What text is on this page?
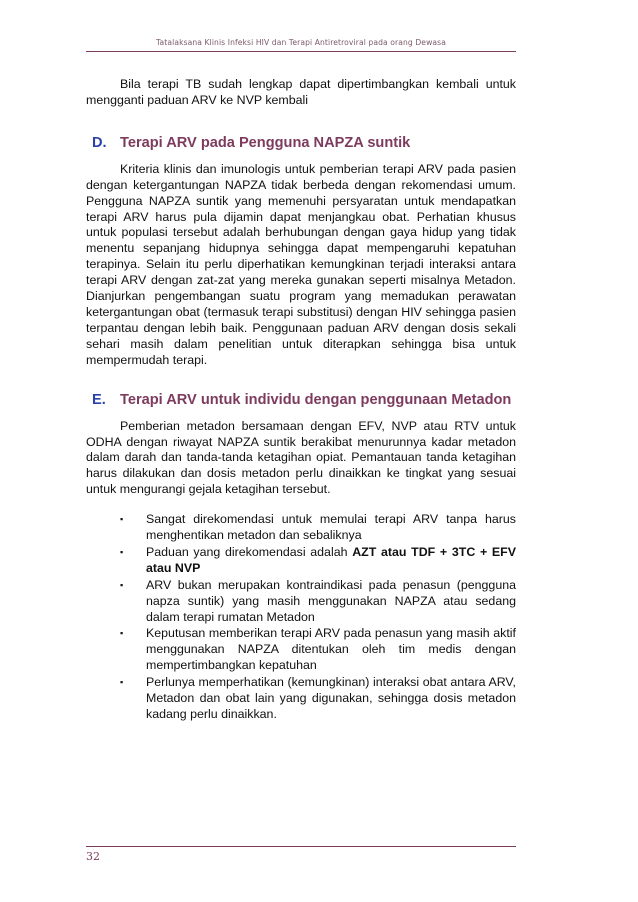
Tatalaksana Klinis Infeksi HIV dan Terapi Antiretroviral pada orang Dewasa

Bila terapi TB sudah lengkap dapat dipertimbangkan kembali untuk mengganti paduan ARV ke NVP kembali

D. Terapi ARV pada Pengguna NAPZA suntik

Kriteria klinis dan imunologis untuk pemberian terapi ARV pada pasien dengan ketergantungan NAPZA tidak berbeda dengan rekomendasi umum. Pengguna NAPZA suntik yang memenuhi persyaratan untuk mendapatkan terapi ARV harus pula dijamin dapat menjangkau obat. Perhatian khusus untuk populasi tersebut adalah berhubungan dengan gaya hidup yang tidak menentu sepanjang hidupnya sehingga dapat mempengaruhi kepatuhan terapinya. Selain itu perlu diperhatikan kemungkinan terjadi interaksi antara terapi ARV dengan zat-zat yang mereka gunakan seperti misalnya Metadon. Dianjurkan pengembangan suatu program yang memadukan perawatan ketergantungan obat (termasuk terapi substitusi) dengan HIV sehingga pasien terpantau dengan lebih baik. Penggunaan paduan ARV dengan dosis sekali sehari masih dalam penelitian untuk diterapkan sehingga bisa untuk mempermudah terapi.

E. Terapi ARV untuk individu dengan penggunaan Metadon

Pemberian metadon bersamaan dengan EFV, NVP atau RTV untuk ODHA dengan riwayat NAPZA suntik berakibat menurunnya kadar metadon dalam darah dan tanda-tanda ketagihan opiat. Pemantauan tanda ketagihan harus dilakukan dan dosis metadon perlu dinaikkan ke tingkat yang sesuai untuk mengurangi gejala ketagihan tersebut.

▪ Sangat direkomendasi untuk memulai terapi ARV tanpa harus menghentikan metadon dan sebaliknya
▪ Paduan yang direkomendasi adalah AZT atau TDF + 3TC + EFV atau NVP
▪ ARV bukan merupakan kontraindikasi pada penasun (pengguna napza suntik) yang masih menggunakan NAPZA atau sedang dalam terapi rumatan Metadon
▪ Keputusan memberikan terapi ARV pada penasun yang masih aktif menggunakan NAPZA ditentukan oleh tim medis dengan mempertimbangkan kepatuhan
▪ Perlunya memperhatikan (kemungkinan) interaksi obat antara ARV, Metadon dan obat lain yang digunakan, sehingga dosis metadon kadang perlu dinaikkan.
32
